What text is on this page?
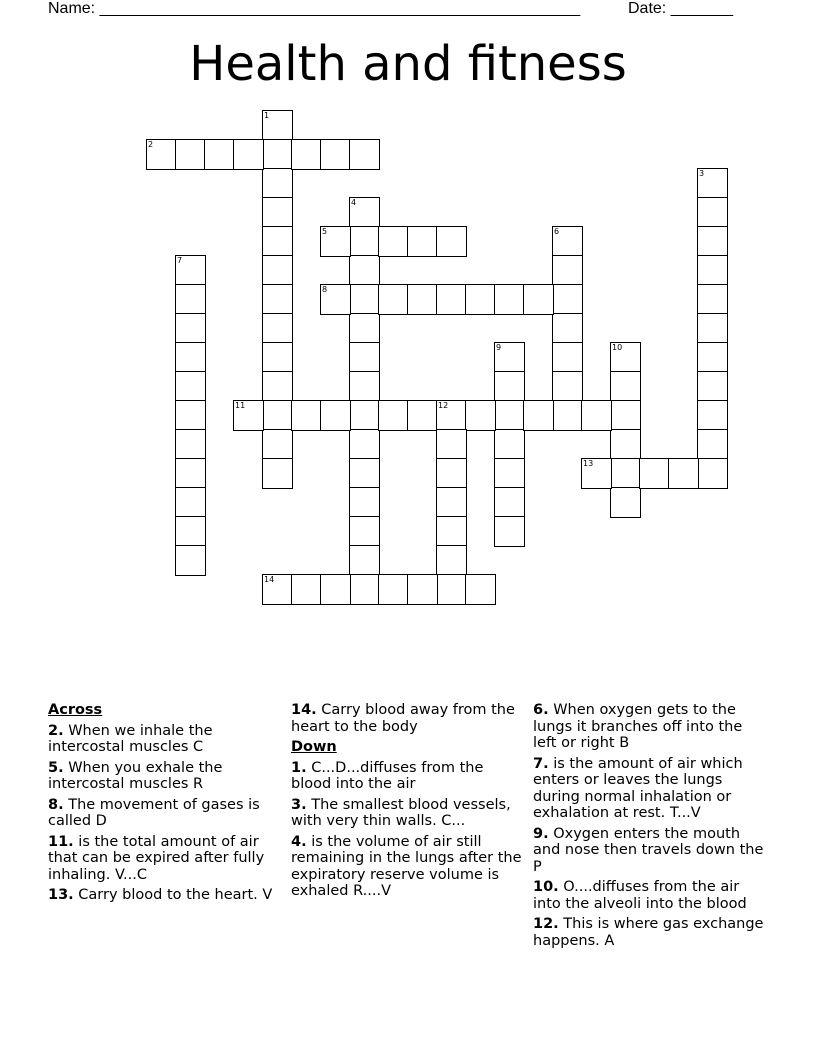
Name: ______________________________________________________	Date: _______
Health and fitness
1
2
3
4
5	6
7
8
9	10
11	12
13
14
Across
2. When we inhale the intercostal muscles C
5. When you exhale the intercostal muscles R
8. The movement of gases is called D
11. is the total amount of air that can be expired after fully inhaling. V...C
13. Carry blood to the heart. V
14. Carry blood away from the heart to the body
Down
1. C...D...diffuses from the blood into the air
3. The smallest blood vessels, with very thin walls. C...
4. is the volume of air still remaining in the lungs after the expiratory reserve volume is exhaled R....V
6. When oxygen gets to the lungs it branches off into the left or right B
7. is the amount of air which enters or leaves the lungs during normal inhalation or exhalation at rest. T...V
9. Oxygen enters the mouth and nose then travels down the P
10. O....diffuses from the air into the alveoli into the blood
12. This is where gas exchange happens. A
